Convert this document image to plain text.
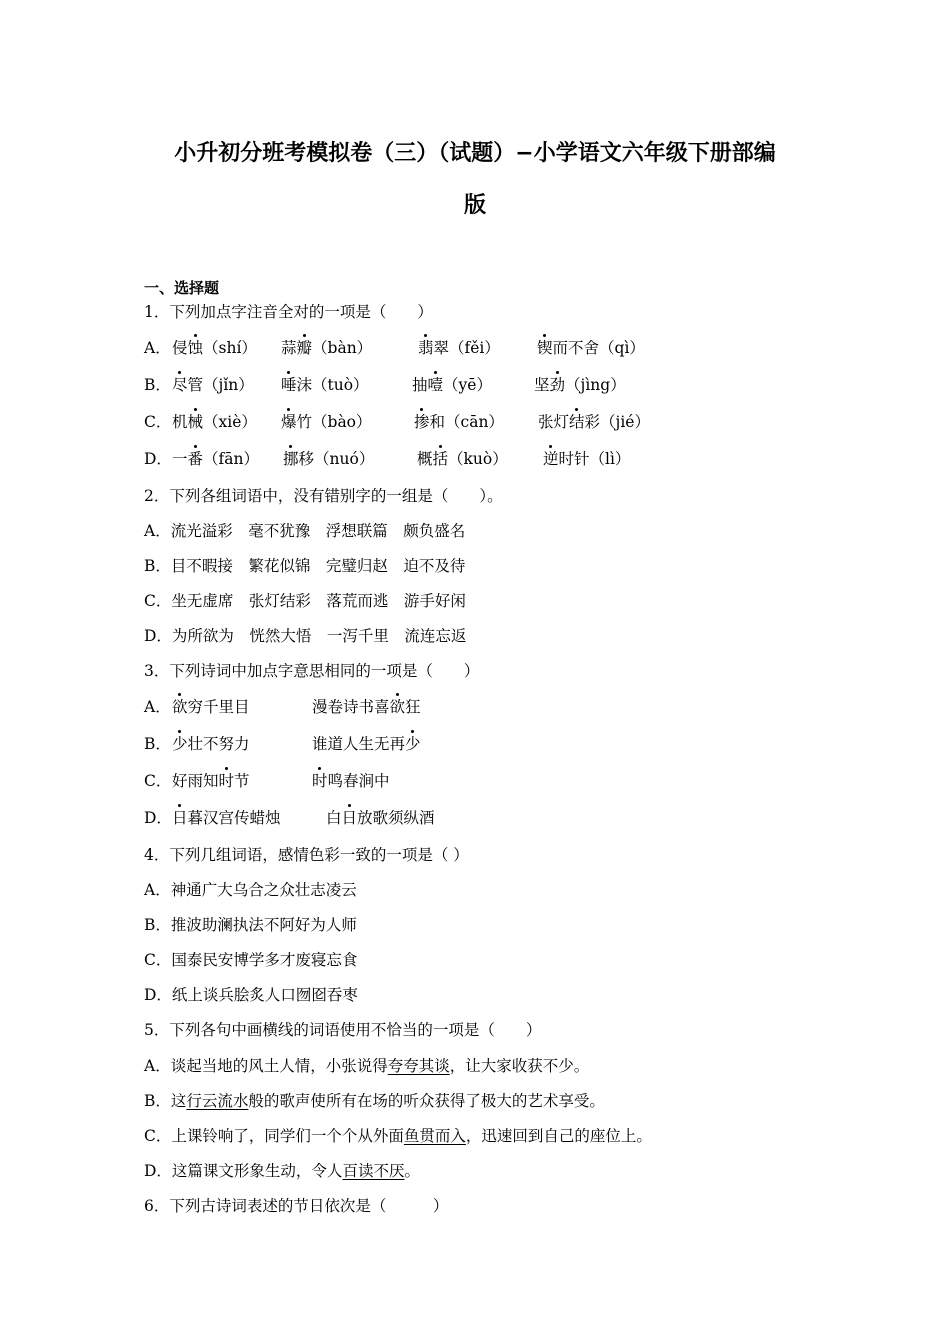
小升初分班考模拟卷（三）（试题）−小学语文六年级下册部编
版
一、选择题
1．下列加点字注音全对的一项是（　　）
A． 侵蚀（shí） 蒜瓣（bàn）	翡翠（fěi） 锲而不舍（qì）
B． 尽管（jǐn） 唾沫（tuò）	抽噎（yē）	坚劲（jìng）
C． 机械（xiè） 爆竹（bào）	掺和（cān） 张灯结彩（jié）
D． 一番（fān） 挪移（nuó）	概括（kuò） 逆时针（lì）
2．下列各组词语中，没有错别字的一组是（　　）。
A．流光溢彩　毫不犹豫　浮想联篇　颇负盛名
B．目不暇接　繁花似锦　完璧归赵　迫不及待
C．坐无虚席　张灯结彩　落荒而逃　游手好闲
D．为所欲为　恍然大悟　一泻千里　流连忘返
3．下列诗词中加点字意思相同的一项是（　　）
A． 欲穷千里目	漫卷诗书喜欲狂
B． 少壮不努力	谁道人生无再少
C． 好雨知时节	时鸣春涧中
D． 日暮汉宫传蜡烛	白日放歌须纵酒
4．下列几组词语，感情色彩一致的一项是（ ）
A．神通广大乌合之众壮志凌云
B．推波助澜执法不阿好为人师
C．国泰民安博学多才废寝忘食
D．纸上谈兵脍炙人口囫囵吞枣
5．下列各句中画横线的词语使用不恰当的一项是（　　）
A．谈起当地的风土人情，小张说得夸夸其谈，让大家收获不少。
B．这行云流水般的歌声使所有在场的听众获得了极大的艺术享受。
C．上课铃响了，同学们一个个从外面鱼贯而入，迅速回到自己的座位上。
D．这篇课文形象生动，令人百读不厌。
6．下列古诗词表述的节日依次是（　　　）
